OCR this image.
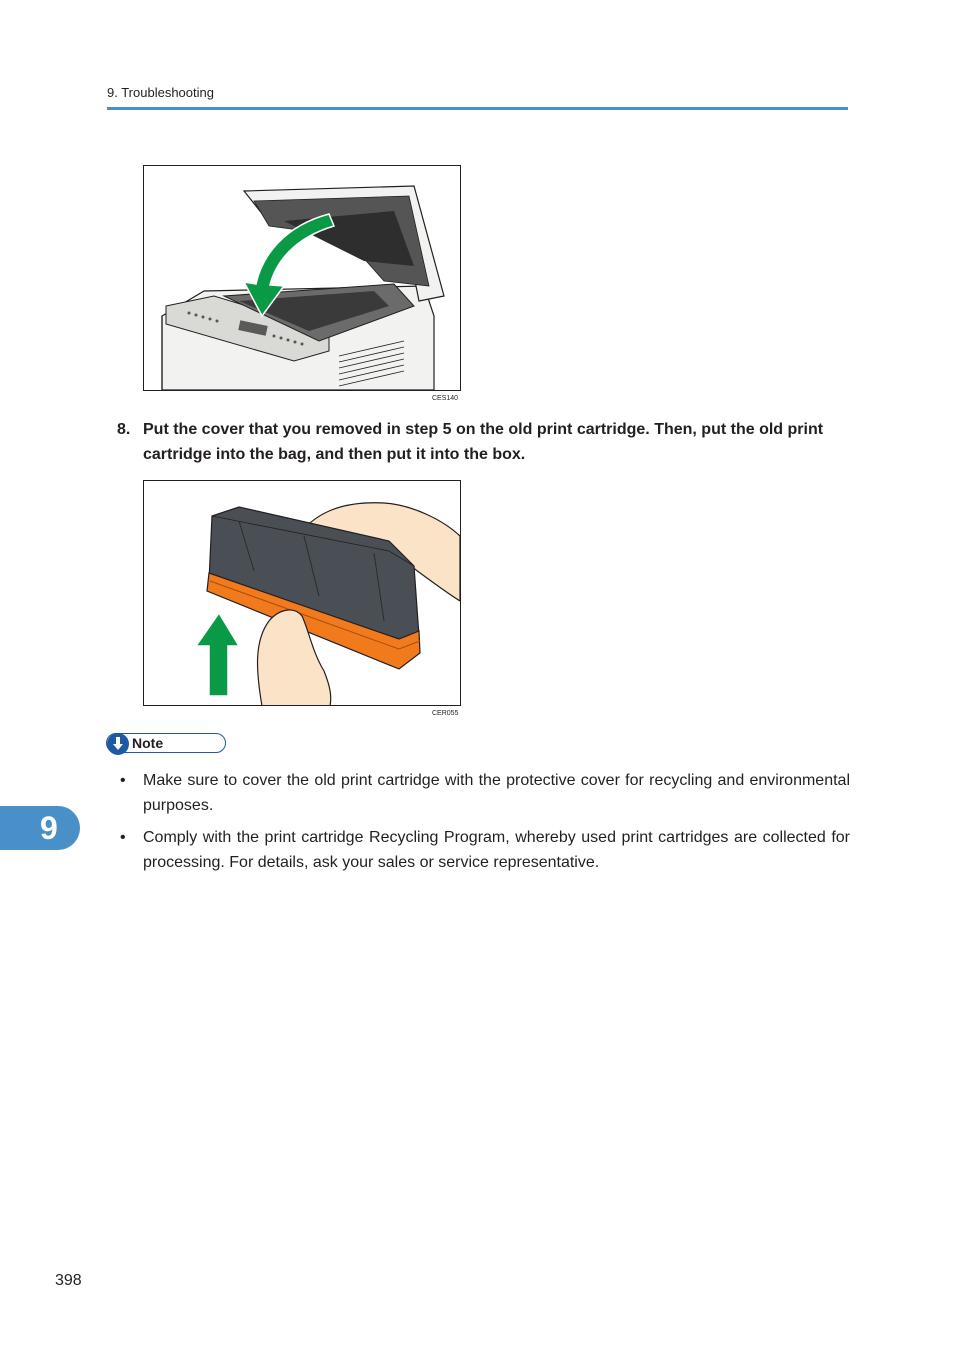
9. Troubleshooting
CES140
8. Put the cover that you removed in step 5 on the old print cartridge. Then, put the old print cartridge into the bag, and then put it into the box.
CER055
Note
• Make sure to cover the old print cartridge with the protective cover for recycling and environmental purposes.
• Comply with the print cartridge Recycling Program, whereby used print cartridges are collected for processing. For details, ask your sales or service representative.
9
398
